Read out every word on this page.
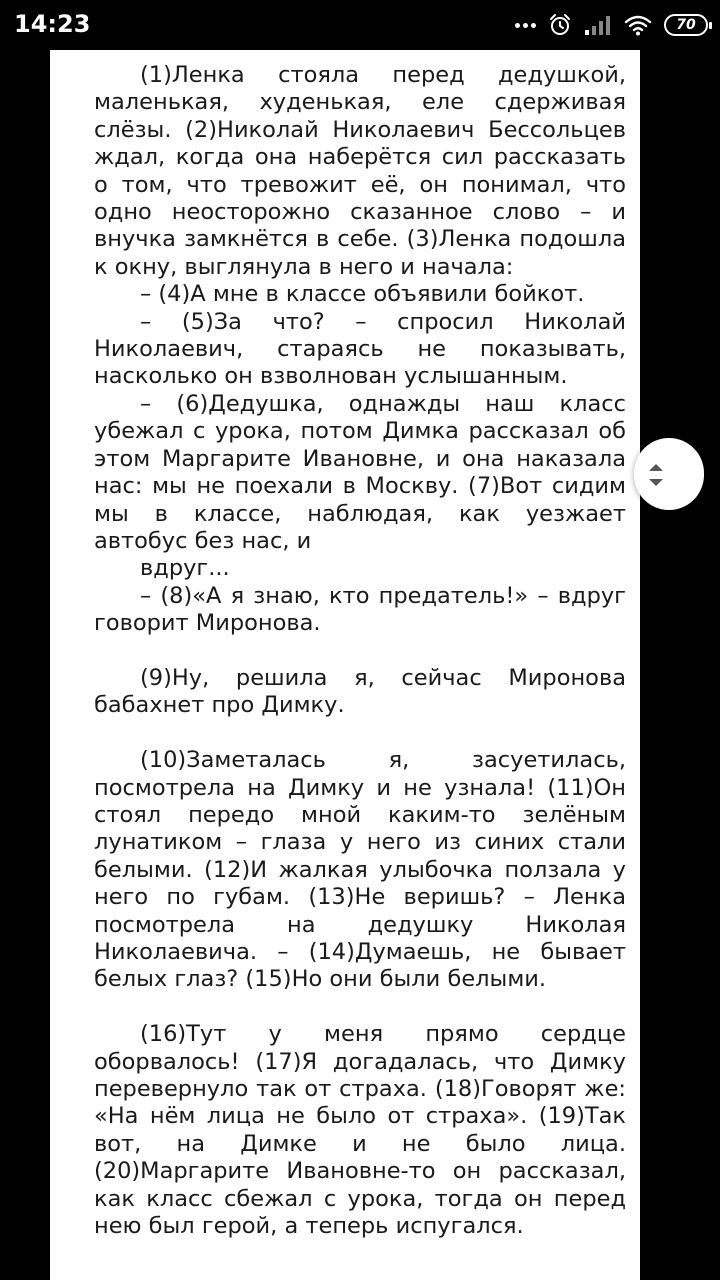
14:23	70

(1)Ленка стояла перед дедушкой, маленькая, худенькая, еле сдерживая слёзы. (2)Николай Николаевич Бессольцев ждал, когда она наберётся сил рассказать о том, что тревожит её, он понимал, что одно неосторожно сказанное слово – и внучка замкнётся в себе. (3)Ленка подошла к окну, выглянула в него и начала:

– (4)А мне в классе объявили бойкот.

– (5)За что? – спросил Николай Николаевич, стараясь не показывать, насколько он взволнован услышанным.

– (6)Дедушка, однажды наш класс убежал с урока, потом Димка рассказал об этом Маргарите Ивановне, и она наказала нас: мы не поехали в Москву. (7)Вот сидим мы в классе, наблюдая, как уезжает автобус без нас, и

вдруг...

– (8)«А я знаю, кто предатель!» – вдруг говорит Миронова.

(9)Ну, решила я, сейчас Миронова бабахнет про Димку.

(10)Заметалась я, засуетилась, посмотрела на Димку и не узнала! (11)Он стоял передо мной каким-то зелёным лунатиком – глаза у него из синих стали белыми. (12)И жалкая улыбочка ползала у него по губам. (13)Не веришь? – Ленка посмотрела на дедушку Николая Николаевича. – (14)Думаешь, не бывает белых глаз? (15)Но они были белыми.

(16)Тут у меня прямо сердце оборвалось! (17)Я догадалась, что Димку перевернуло так от страха. (18)Говорят же: «На нём лица не было от страха». (19)Так вот, на Димке и не было лица. (20)Маргарите Ивановне-то он рассказал, как класс сбежал с урока, тогда он перед нею был герой, а теперь испугался.
